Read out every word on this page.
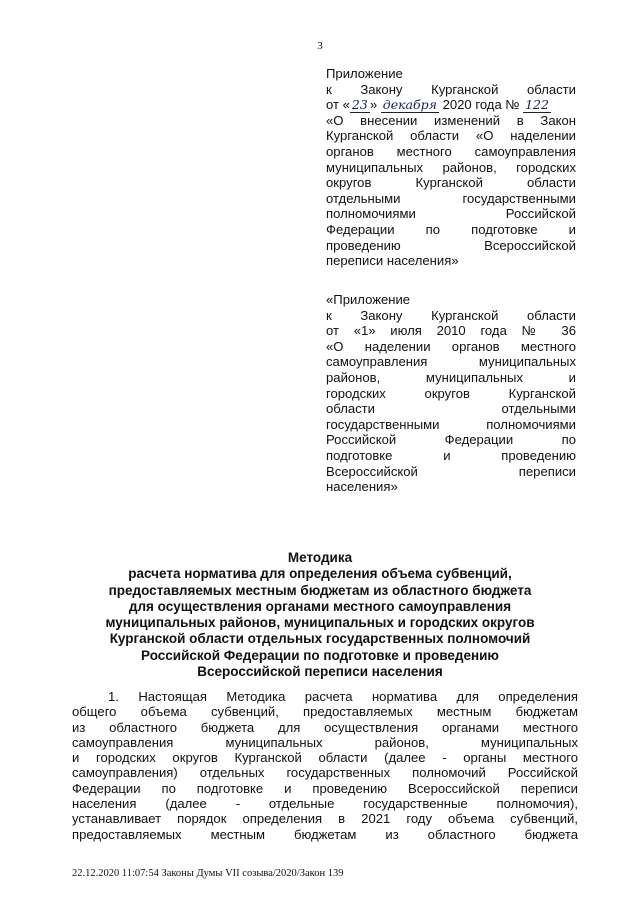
3
Приложение
к Закону Курганской области
от « 23 » декабря 2020 года № 122
«О внесении изменений в Закон
Курганской области «О наделении
органов местного самоуправления
муниципальных районов, городских
округов Курганской области
отдельными государственными
полномочиями Российской
Федерации по подготовке и
проведению Всероссийской
переписи населения»
«Приложение
к Закону Курганской области
от «1» июля 2010 года № 36
«О наделении органов местного
самоуправления муниципальных
районов, муниципальных и
городских округов Курганской
области отдельными
государственными полномочиями
Российской Федерации по
подготовке и проведению
Всероссийской переписи
населения»
Методика
расчета норматива для определения объема субвенций,
предоставляемых местным бюджетам из областного бюджета
для осуществления органами местного самоуправления
муниципальных районов, муниципальных и городских округов
Курганской области отдельных государственных полномочий
Российской Федерации по подготовке и проведению
Всероссийской переписи населения
1. Настоящая Методика расчета норматива для определения
общего объема субвенций, предоставляемых местным бюджетам
из областного бюджета для осуществления органами местного
самоуправления муниципальных районов, муниципальных
и городских округов Курганской области (далее - органы местного
самоуправления) отдельных государственных полномочий Российской
Федерации по подготовке и проведению Всероссийской переписи
населения (далее - отдельные государственные полномочия),
устанавливает порядок определения в 2021 году объема субвенций,
предоставляемых местным бюджетам из областного бюджета
22.12.2020 11:07:54 Законы Думы VII созыва/2020/Закон 139
